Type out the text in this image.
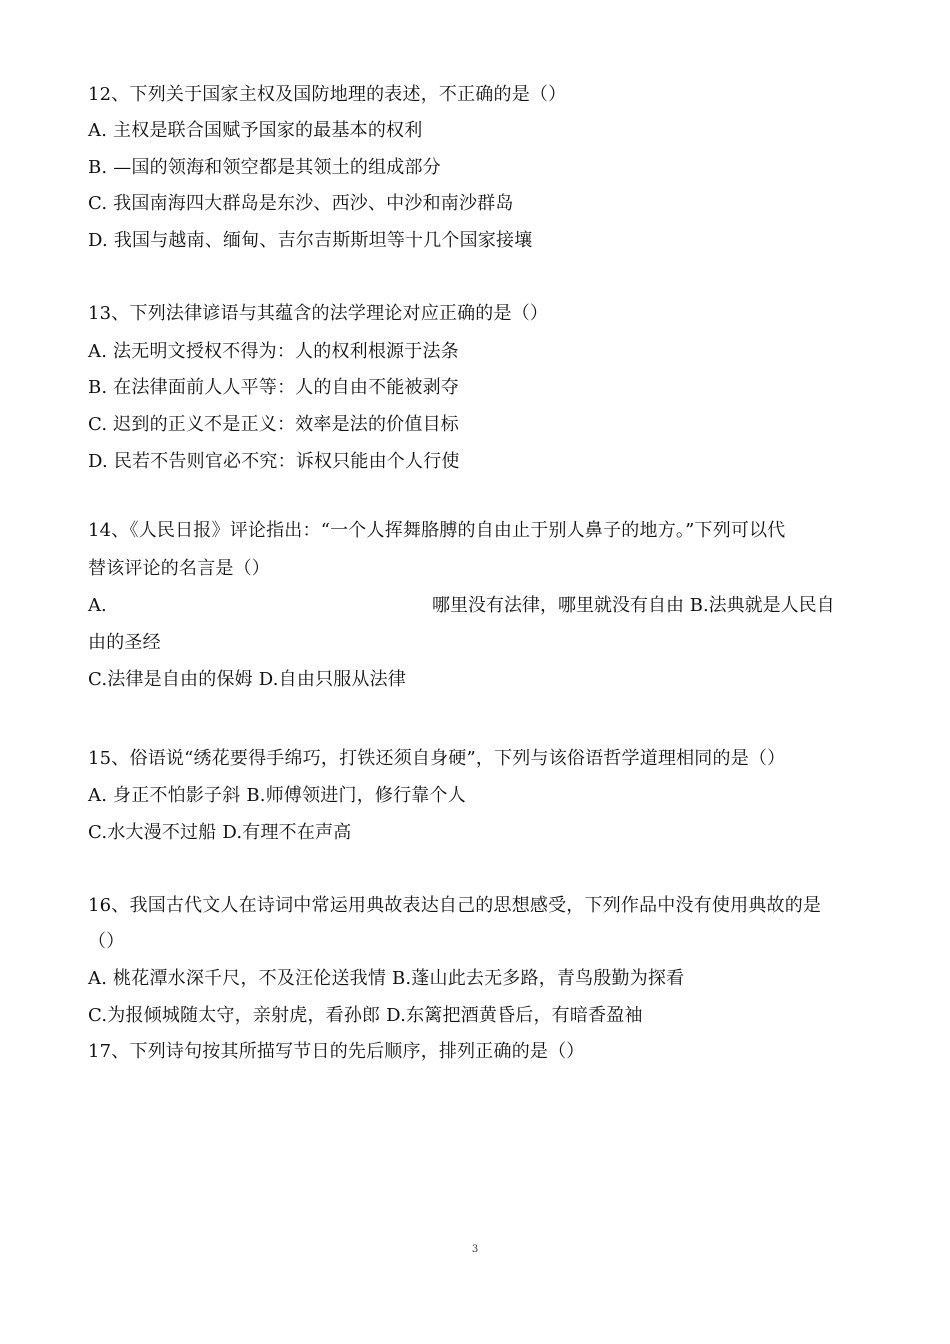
12、下列关于国家主权及国防地理的表述，不正确的是（）
A. 主权是联合国赋予国家的最基本的权利
B. —国的领海和领空都是其领土的组成部分
C. 我国南海四大群岛是东沙、西沙、中沙和南沙群岛
D. 我国与越南、缅甸、吉尔吉斯斯坦等十几个国家接壤
13、下列法律谚语与其蕴含的法学理论对应正确的是（）
A. 法无明文授权不得为：人的权利根源于法条
B. 在法律面前人人平等：人的自由不能被剥夺
C. 迟到的正义不是正义：效率是法的价值目标
D. 民若不告则官必不究：诉权只能由个人行使
14、《人民日报》评论指出：“一个人挥舞胳膊的自由止于别人鼻子的地方。”下列可以代
替该评论的名言是（）
A.	哪里没有法律，哪里就没有自由 B.法典就是人民自
由的圣经
C.法律是自由的保姆 D.自由只服从法律
15、俗语说“绣花要得手绵巧，打铁还须自身硬”，下列与该俗语哲学道理相同的是（）
A. 身正不怕影子斜 B.师傅领进门，修行靠个人
C.水大漫不过船 D.有理不在声高
16、我国古代文人在诗词中常运用典故表达自己的思想感受，下列作品中没有使用典故的是
（）
A. 桃花潭水深千尺，不及汪伦送我情 B.蓬山此去无多路，青鸟殷勤为探看
C.为报倾城随太守，亲射虎，看孙郎 D.东篱把酒黄昏后，有暗香盈袖
17、下列诗句按其所描写节日的先后顺序，排列正确的是（）
3
